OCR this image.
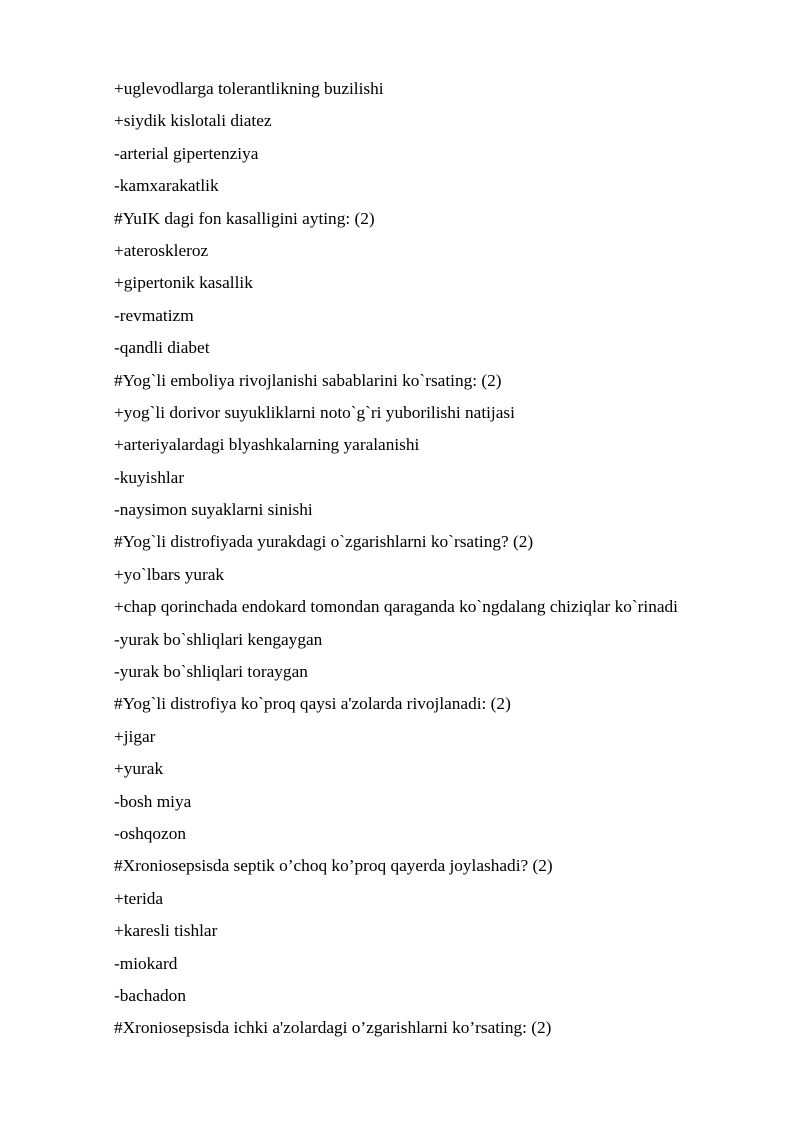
+uglevodlarga tolerantlikning buzilishi
+siydik kislotali diatez
-arterial gipertenziya
-kamxarakatlik
#YuIK dagi fon kasalligini ayting: (2)
+ateroskleroz
+gipertonik kasallik
-revmatizm
-qandli diabet
#Yog`li emboliya rivojlanishi sabablarini ko`rsating: (2)
+yog`li dorivor suyukliklarni noto`g`ri yuborilishi natijasi
+arteriyalardagi blyashkalarning yaralanishi
-kuyishlar
-naysimon suyaklarni sinishi
#Yog`li distrofiyada yurakdagi o`zgarishlarni ko`rsating? (2)
+yo`lbars yurak
+chap qorinchada endokard tomondan qaraganda ko`ngdalang chiziqlar ko`rinadi
-yurak bo`shliqlari kengaygan
-yurak bo`shliqlari toraygan
#Yog`li distrofiya ko`proq qaysi a'zolarda rivojlanadi: (2)
+jigar
+yurak
-bosh miya
-oshqozon
#Xroniosepsisda septik o’choq ko’proq qayerda joylashadi? (2)
+terida
+karesli tishlar
-miokard
-bachadon
#Xroniosepsisda ichki a'zolardagi o’zgarishlarni ko’rsating: (2)
